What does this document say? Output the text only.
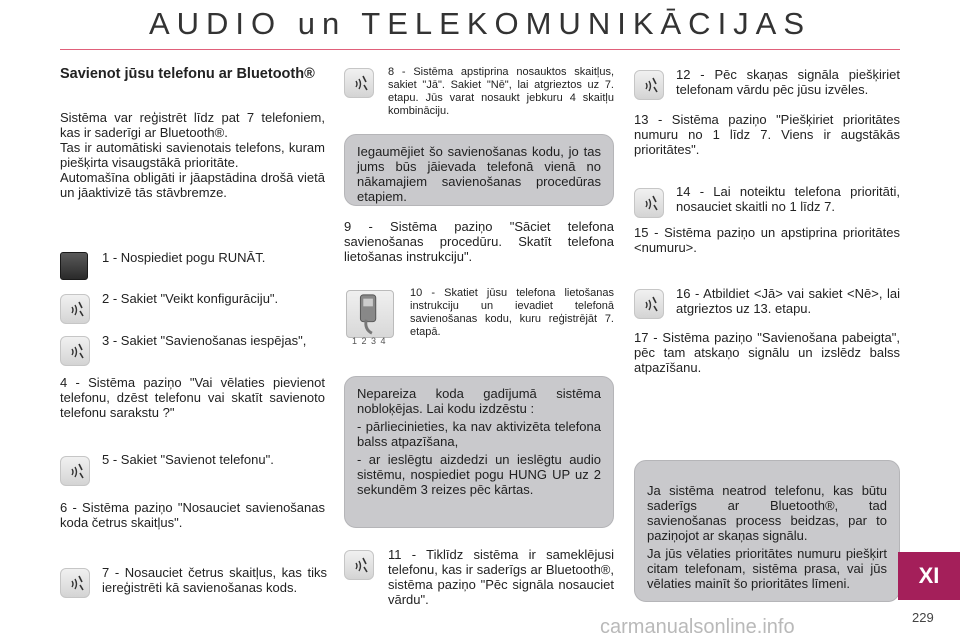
AUDIO un TELEKOMUNIKĀCIJAS
Savienot jūsu telefonu ar Bluetooth®
Sistēma var reģistrēt līdz pat 7 telefoniem, kas ir saderīgi ar Bluetooth®.
Tas ir automātiski savienotais telefons, kuram piešķirta visaugstākā prioritāte.
Automašīna obligāti ir jāapstādina drošā vietā un jāaktivizē tās stāvbremze.
1 - Nospiediet pogu RUNĀT.
2 - Sakiet "Veikt konfigurāciju".
3 - Sakiet "Savienošanas iespējas",
4 - Sistēma paziņo "Vai vēlaties pievienot telefonu, dzēst telefonu vai skatīt savienoto telefonu sarakstu ?"
5 - Sakiet "Savienot telefonu".
6 - Sistēma paziņo "Nosauciet savienošanas koda četrus skaitļus".
7 - Nosauciet četrus skaitļus, kas tiks iereģistrēti kā savienošanas kods.
8 - Sistēma apstiprina nosauktos skaitļus, sakiet "Jā". Sakiet "Nē", lai atgrieztos uz 7. etapu. Jūs varat nosaukt jebkuru 4 skaitļu kombināciju.
Iegaumējiet šo savienošanas kodu, jo tas jums būs jāievada telefonā vienā no nākamajiem savienošanas procedūras etapiem.
9 - Sistēma paziņo "Sāciet telefona savienošanas procedūru. Skatīt telefona lietošanas instrukciju".
1 2 3 4
10 - Skatiet jūsu telefona lietošanas instrukciju un ievadiet telefonā savienošanas kodu, kuru reģistrējāt 7. etapā.
Nepareiza koda gadījumā sistēma nobloķējas. Lai kodu izdzēstu :
- pārliecinieties, ka nav aktivizēta telefona balss atpazīšana,
- ar ieslēgtu aizdedzi un ieslēgtu audio sistēmu, nospiediet pogu HUNG UP uz 2 sekundēm 3 reizes pēc kārtas.
11 - Tiklīdz sistēma ir sameklējusi telefonu, kas ir saderīgs ar Bluetooth®, sistēma paziņo "Pēc signāla nosauciet vārdu".
12 - Pēc skaņas signāla piešķiriet telefonam vārdu pēc jūsu izvēles.
13 - Sistēma paziņo "Piešķiriet prioritātes numuru no 1 līdz 7. Viens ir augstākās prioritātes".
14 - Lai noteiktu telefona prioritāti, nosauciet skaitli no 1 līdz 7.
15 - Sistēma paziņo un apstiprina prioritātes <numuru>.
16 - Atbildiet <Jā> vai sakiet <Nē>, lai atgrieztos uz 13. etapu.
17 - Sistēma paziņo "Savienošana pabeigta", pēc tam atskaņo signālu un izslēdz balss atpazīšanu.
Ja sistēma neatrod telefonu, kas būtu saderīgs ar Bluetooth®, tad savienošanas process beidzas, par to paziņojot ar skaņas signālu.
Ja jūs vēlaties prioritātes numuru piešķirt citam telefonam, sistēma prasa, vai jūs vēlaties mainīt šo prioritātes līmeni.	XI
229
carmanualsonline.info
